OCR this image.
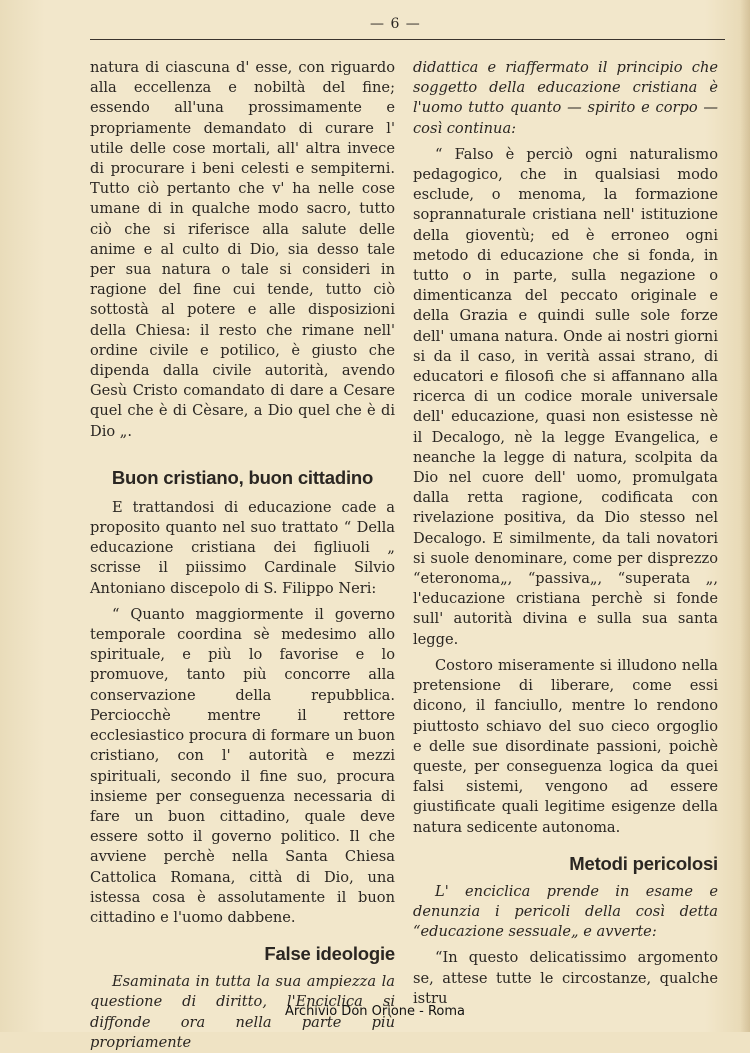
— 6 —

natura di ciascuna d' esse, con riguardo alla eccellenza e nobiltà del fine; essendo all'una prossimamente e propriamente demandato di curare l' utile delle cose mortali, all' altra invece di procurare i beni celesti e sempiterni. Tutto ciò pertanto che v' ha nelle cose umane di in qualche modo sacro, tutto ciò che si riferisce alla salute delle anime e al culto di Dio, sia desso tale per sua natura o tale si consideri in ragione del fine cui tende, tutto ciò sottostà al potere e alle disposizioni della Chiesa: il resto che rimane nell' ordine civile e potilico, è giusto che dipenda dalla civile autorità, avendo Gesù Cristo comandato di dare a Cesare quel che è di Cèsare, a Dio quel che è di Dio „.

Buon cristiano, buon cittadino

E trattandosi di educazione cade a proposito quanto nel suo trattato “ Della educazione cristiana dei figliuoli „ scrisse il piissimo Cardinale Silvio Antoniano discepolo di S. Filippo Neri:

“ Quanto maggiormente il governo temporale coordina sè medesimo allo spirituale, e più lo favorise e lo promuove, tanto più concorre alla conservazione della repubblica. Perciocchè mentre il rettore ecclesiastico procura di formare un buon cristiano, con l' autorità e mezzi spirituali, secondo il fine suo, procura insieme per conseguenza necessaria di fare un buon cittadino, quale deve essere sotto il governo politico. Il che avviene perchè nella Santa Chiesa Cattolica Romana, città di Dio, una istessa cosa è assolutamente il buon cittadino e l'uomo dabbene.

False ideologie

Esaminata in tutta la sua ampiezza la questione di diritto, l'Enciclica si diffonde ora nella parte più propriamente

didattica e riaffermato il principio che soggetto della educazione cristiana è l'uomo tutto quanto — spirito e corpo — così continua:

“ Falso è perciò ogni naturalismo pedagogico, che in qualsiasi modo esclude, o menoma, la formazione soprannaturale cristiana nell' istituzione della gioventù; ed è erroneo ogni metodo di educazione che si fonda, in tutto o in parte, sulla negazione o dimenticanza del peccato originale e della Grazia e quindi sulle sole forze dell' umana natura. Onde ai nostri giorni si da il caso, in verità assai strano, di educatori e filosofi che si affannano alla ricerca di un codice morale universale dell' educazione, quasi non esistesse nè il Decalogo, nè la legge Evangelica, e neanche la legge di natura, scolpita da Dio nel cuore dell' uomo, promulgata dalla retta ragione, codificata con rivelazione positiva, da Dio stesso nel Decalogo. E similmente, da tali novatori si suole denominare, come per disprezzo “eteronoma„, “passiva„, “superata „, l'educazione cristiana perchè si fonde sull' autorità divina e sulla sua santa legge.

Costoro miseramente si illudono nella pretensione di liberare, come essi dicono, il fanciullo, mentre lo rendono piuttosto schiavo del suo cieco orgoglio e delle sue disordinate passioni, poichè queste, per conseguenza logica da quei falsi sistemi, vengono ad essere giustificate quali legitime esigenze della natura sedicente autonoma.

Metodi pericolosi

L' enciclica prende in esame e denunzia i pericoli della così detta “educazione sessuale„ e avverte:

“In questo delicatissimo argomento se, attese tutte le circostanze, qualche istru

Archivio Don Orione - Roma
